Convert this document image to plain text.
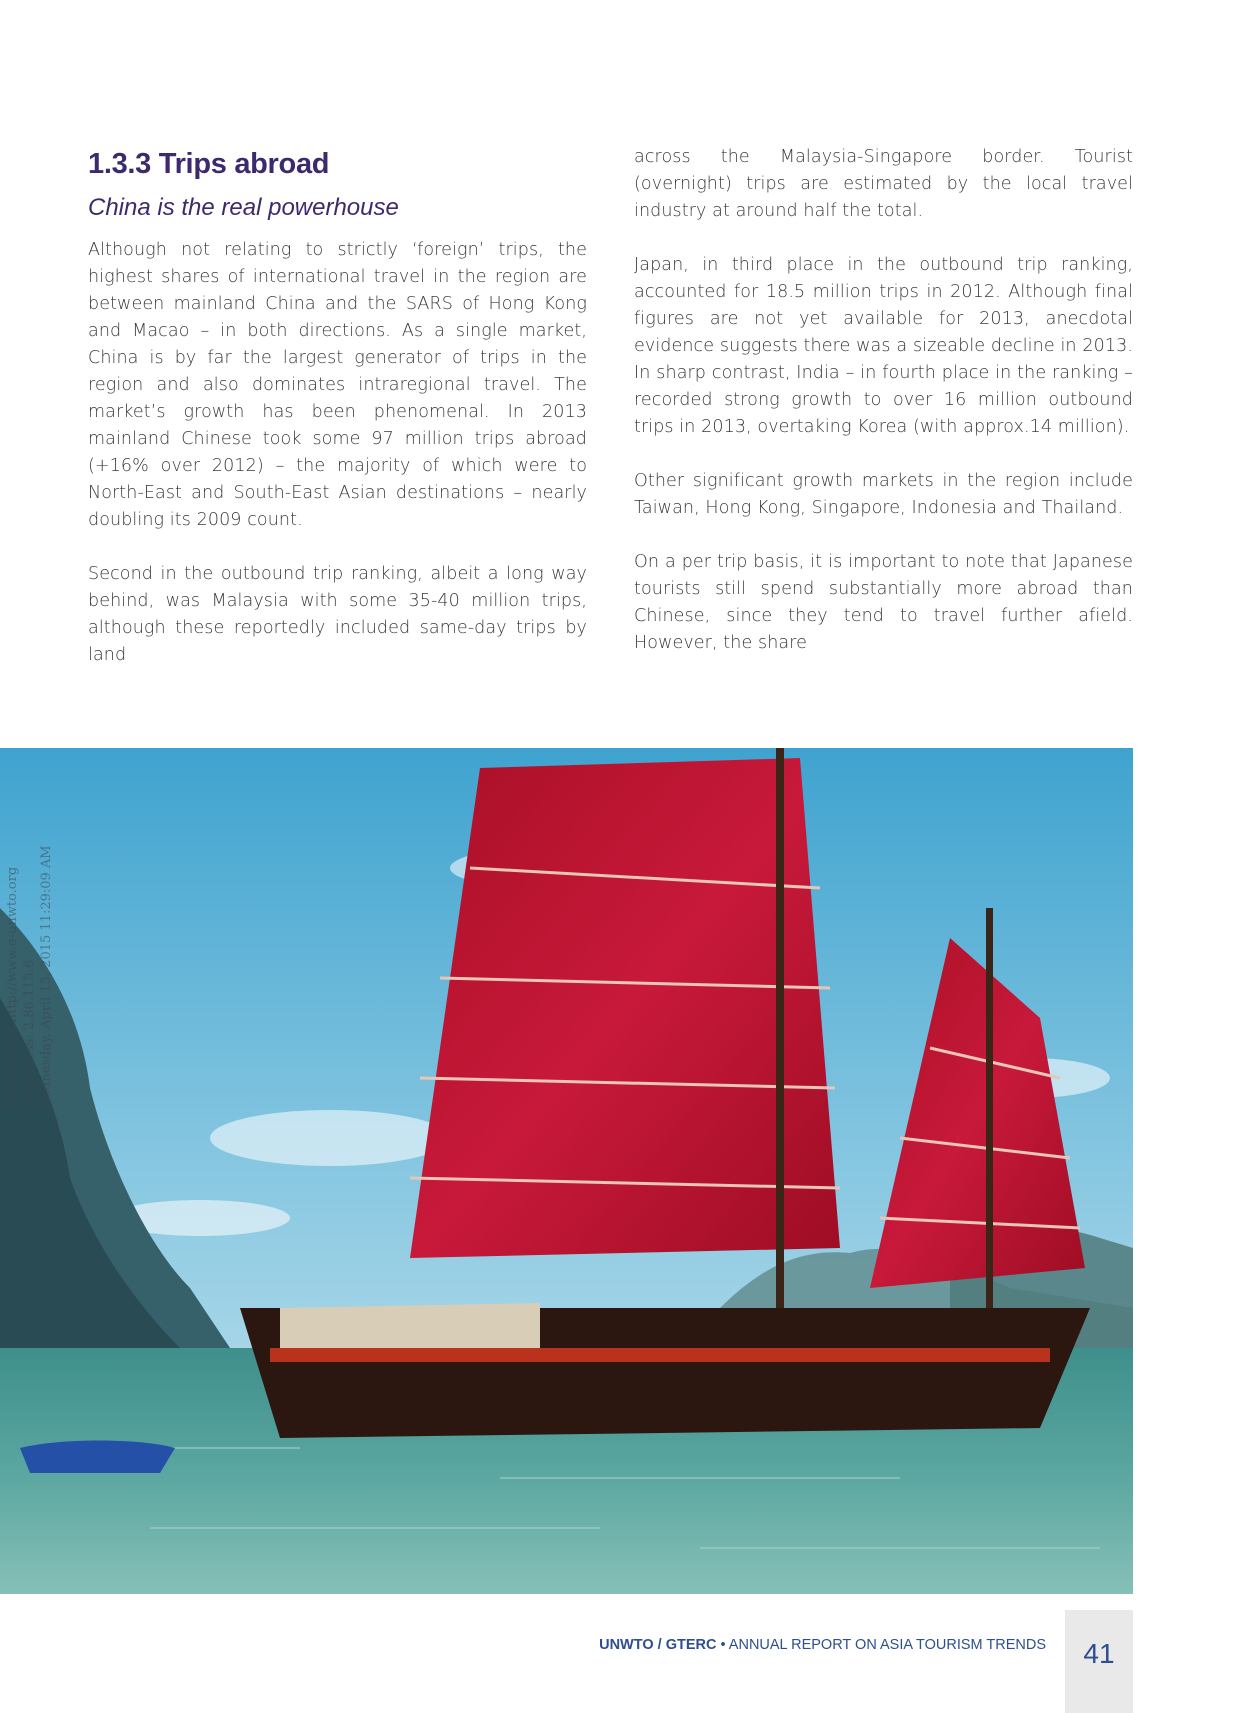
1.3.3 Trips abroad
China is the real powerhouse

Although not relating to strictly ‘foreign’ trips, the highest shares of international travel in the region are between mainland China and the SARS of Hong Kong and Macao – in both directions. As a single market, China is by far the largest generator of trips in the region and also dominates intraregional travel. The market’s growth has been phenomenal. In 2013 mainland Chinese took some 97 million trips abroad (+16% over 2012) – the majority of which were to North-East and South-East Asian destinations – nearly doubling its 2009 count.

Second in the outbound trip ranking, albeit a long way behind, was Malaysia with some 35-40 million trips, although these reportedly included same-day trips by land

across the Malaysia-Singapore border. Tourist (overnight) trips are estimated by the local travel industry at around half the total.

Japan, in third place in the outbound trip ranking, accounted for 18.5 million trips in 2012. Although final figures are not yet available for 2013, anecdotal evidence suggests there was a sizeable decline in 2013. In sharp contrast, India – in fourth place in the ranking – recorded strong growth to over 16 million outbound trips in 2013, overtaking Korea (with approx.14 million).

Other significant growth markets in the region include Taiwan, Hong Kong, Singapore, Indonesia and Thailand.

On a per trip basis, it is important to note that Japanese tourists still spend substantially more abroad than Chinese, since they tend to travel further afield. However, the share

Delivered by http://www.e-unwto.org IP Address: 2.86.115.6 Wednesday, April 15, 2015 11:29:09 AM
UNWTO / GTERC • ANNUAL REPORT ON ASIA TOURISM TRENDS	41
